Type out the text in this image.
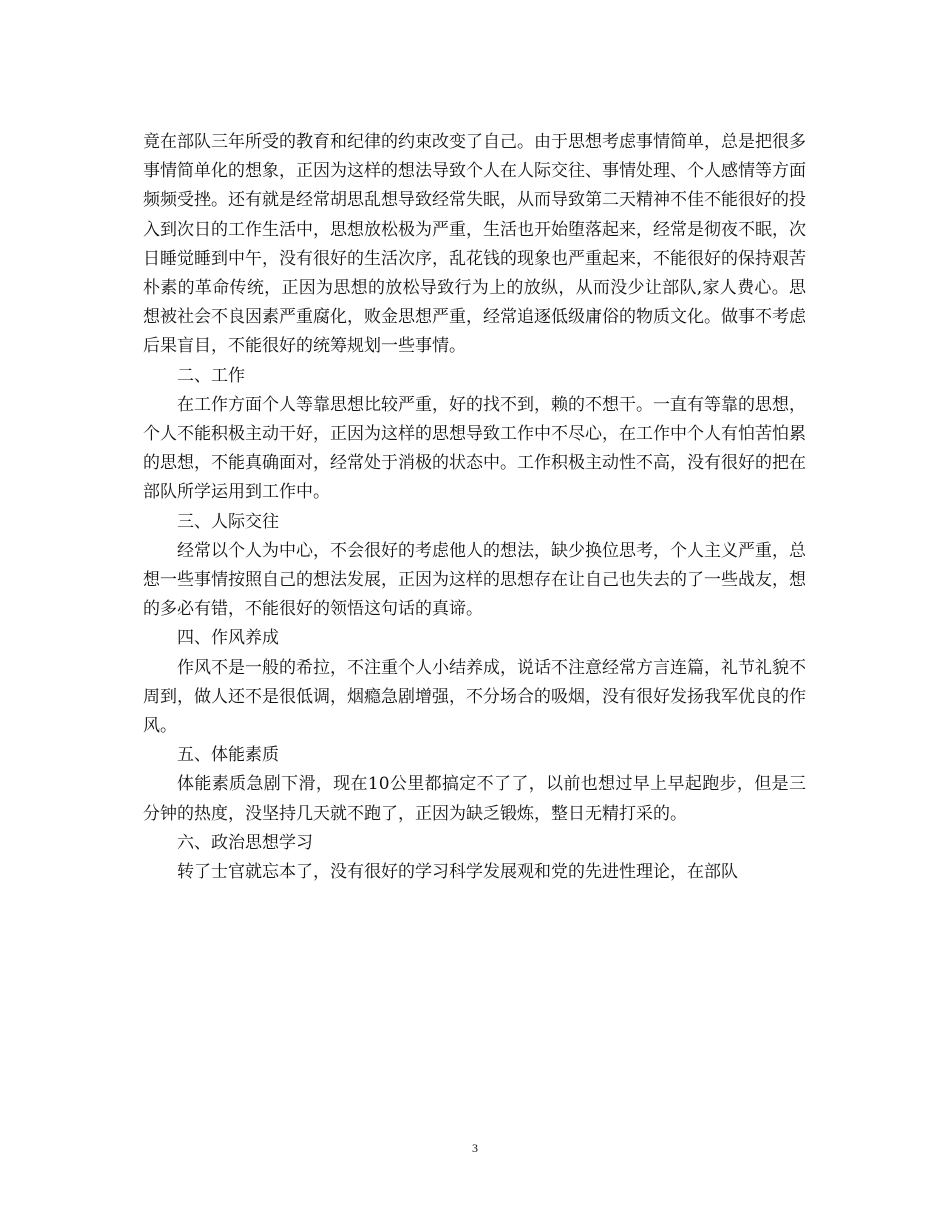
竟在部队三年所受的教育和纪律的约束改变了自己。由于思想考虑事情简单，总是把很多事情简单化的想象，正因为这样的想法导致个人在人际交往、事情处理、个人感情等方面频频受挫。还有就是经常胡思乱想导致经常失眠，从而导致第二天精神不佳不能很好的投入到次日的工作生活中，思想放松极为严重，生活也开始堕落起来，经常是彻夜不眠，次日睡觉睡到中午，没有很好的生活次序，乱花钱的现象也严重起来，不能很好的保持艰苦朴素的革命传统，正因为思想的放松导致行为上的放纵，从而没少让部队,家人费心。思想被社会不良因素严重腐化，败金思想严重，经常追逐低级庸俗的物质文化。做事不考虑后果盲目，不能很好的统筹规划一些事情。

二、工作

在工作方面个人等靠思想比较严重，好的找不到，赖的不想干。一直有等靠的思想，个人不能积极主动干好，正因为这样的思想导致工作中不尽心，在工作中个人有怕苦怕累的思想，不能真确面对，经常处于消极的状态中。工作积极主动性不高，没有很好的把在部队所学运用到工作中。

三、人际交往

经常以个人为中心，不会很好的考虑他人的想法，缺少换位思考，个人主义严重，总想一些事情按照自己的想法发展，正因为这样的思想存在让自己也失去的了一些战友，想的多必有错，不能很好的领悟这句话的真谛。

四、作风养成

作风不是一般的希拉，不注重个人小结养成，说话不注意经常方言连篇，礼节礼貌不周到，做人还不是很低调，烟瘾急剧增强，不分场合的吸烟，没有很好发扬我军优良的作风。

五、体能素质

体能素质急剧下滑，现在10公里都搞定不了了，以前也想过早上早起跑步，但是三分钟的热度，没坚持几天就不跑了，正因为缺乏锻炼，整日无精打采的。

六、政治思想学习

转了士官就忘本了，没有很好的学习科学发展观和党的先进性理论，在部队

3
